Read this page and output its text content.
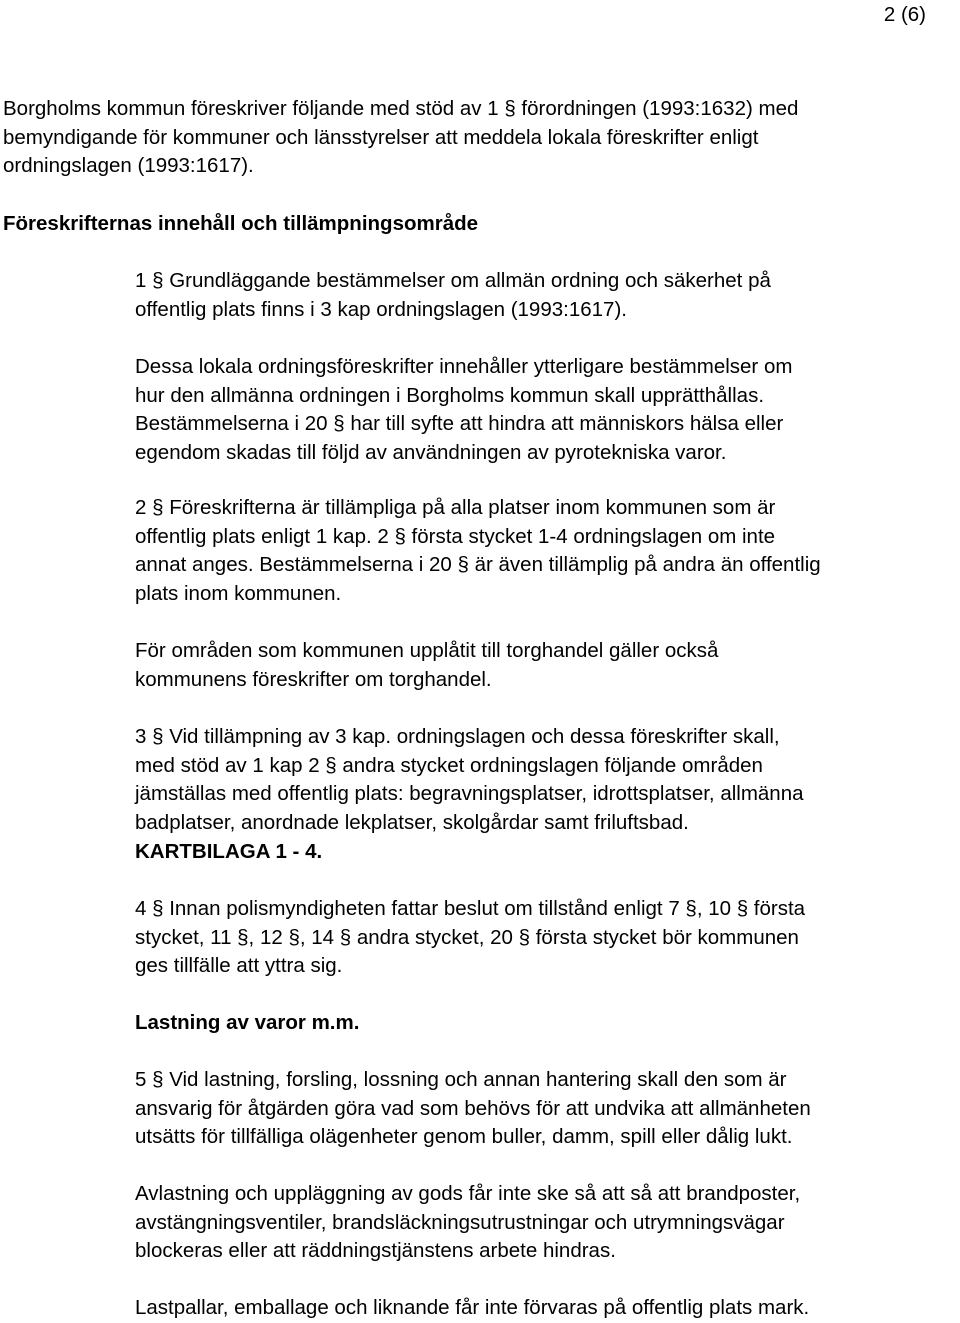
2 (6)
Borgholms kommun föreskriver följande med stöd av 1 § förordningen (1993:1632) med
bemyndigande för kommuner och länsstyrelser att meddela lokala föreskrifter enligt
ordningslagen (1993:1617).
Föreskrifternas innehåll och tillämpningsområde
1 § Grundläggande bestämmelser om allmän ordning och säkerhet på
offentlig plats finns i 3 kap ordningslagen (1993:1617).
Dessa lokala ordningsföreskrifter innehåller ytterligare bestämmelser om
hur den allmänna ordningen i Borgholms kommun skall upprätthållas.
Bestämmelserna i 20 § har till syfte att hindra att människors hälsa eller
egendom skadas till följd av användningen av pyrotekniska varor.
2 § Föreskrifterna är tillämpliga på alla platser inom kommunen som är
offentlig plats enligt 1 kap. 2 § första stycket 1-4 ordningslagen om inte
annat anges. Bestämmelserna i 20 § är även tillämplig på andra än offentlig
plats inom kommunen.
För områden som kommunen upplåtit till torghandel gäller också
kommunens föreskrifter om torghandel.
3 § Vid tillämpning av 3 kap. ordningslagen och dessa föreskrifter skall,
med stöd av 1 kap 2 § andra stycket ordningslagen följande områden
jämställas med offentlig plats: begravningsplatser, idrottsplatser, allmänna
badplatser, anordnade lekplatser, skolgårdar samt friluftsbad.
KARTBILAGA 1 - 4.
4 § Innan polismyndigheten fattar beslut om tillstånd enligt 7 §, 10 § första
stycket, 11 §, 12 §, 14 § andra stycket, 20 § första stycket bör kommunen
ges tillfälle att yttra sig.
Lastning av varor m.m.
5 § Vid lastning, forsling, lossning och annan hantering skall den som är
ansvarig för åtgärden göra vad som behövs för att undvika att allmänheten
utsätts för tillfälliga olägenheter genom buller, damm, spill eller dålig lukt.
Avlastning och uppläggning av gods får inte ske så att så att brandposter,
avstängningsventiler, brandsläckningsutrustningar och utrymningsvägar
blockeras eller att räddningstjänstens arbete hindras.
Lastpallar, emballage och liknande får inte förvaras på offentlig plats mark.
